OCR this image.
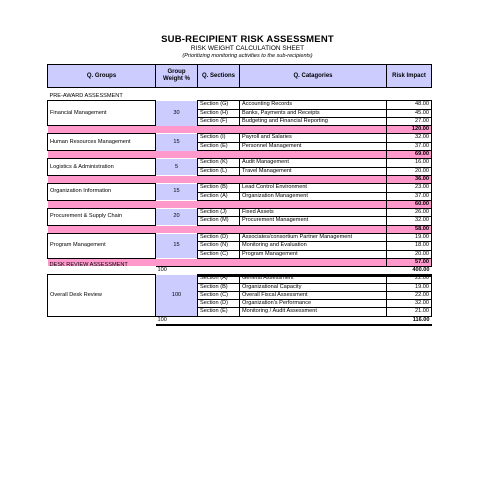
SUB-RECIPIENT RISK ASSESSMENT
RISK WEIGHT CALCULATION SHEET
(Prioritizing monitoring activities to the sub-recipients)
Q. Groups	Group Weight %	Q. Sections	Q. Catagories	Risk Impact

PRE-AWARD ASSESSMENT				
Financial Management	30	Section (G)	Accounting Records	48.00
		Section (H)	Banks, Payments and Receipts	45.00
		Section (F)	Budgeting and Financial Reporting	27.00
				120.00
Human Resources Management	15	Section (I)	Payroll and Salaries	32.00
		Section (E)	Personnel Management	37.00
				69.00
Logistics & Administration	5	Section (K)	Audit Management	16.00
		Section (L)	Travel Management	20.00
				36.00
Organization Information	15	Section (B)	Lead Control Environment	23.00
		Section (A)	Organization Management	37.00
				60.00
Procurement & Supply Chain	20	Section (J)	Fixed Assets	26.00
		Section (M)	Procurement Management	32.00
				58.00
Program Management	15	Section (D)	Associates/consortium Partner Management	19.00
		Section (N)	Monitoring and Evaluation	18.00
		Section (C)	Program Management	20.00
				57.00
	100			400.00
DESK REVIEW ASSESSMENT				

Overall Desk Review	100	Section (A)	General Assessment	22.00
		Section (B)	Organizational Capacity	19.00
		Section (C)	Overall Fiscal Assessment	22.00
		Section (D)	Organization's Performance	32.00
		Section (E)	Monitoring / Audit Assessment	21.00
	100			116.00
